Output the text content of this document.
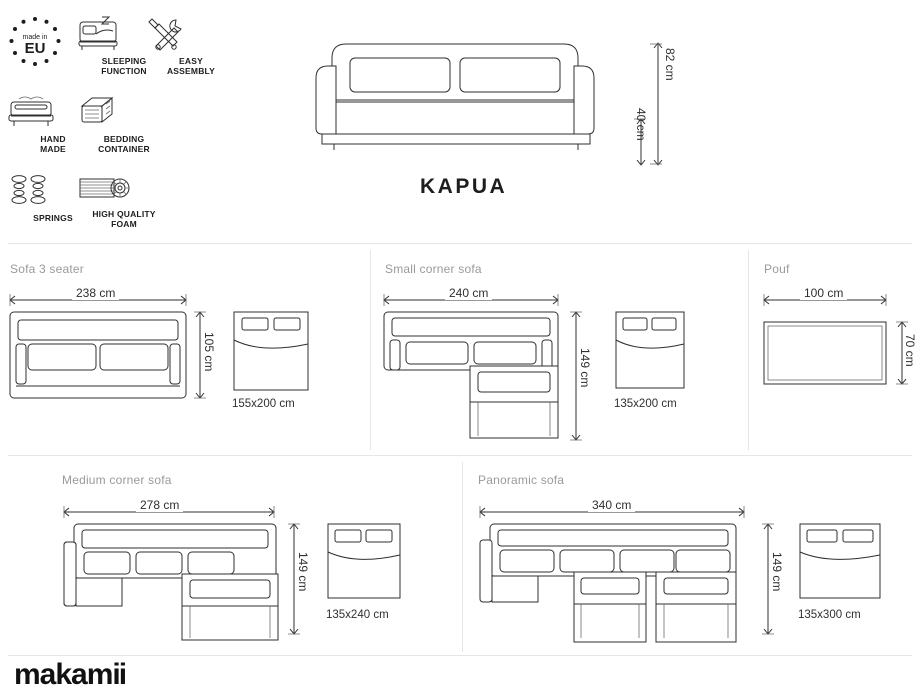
made in
EU
SLEEPING
FUNCTION
EASY
ASSEMBLY
HAND
MADE
BEDDING
CONTAINER
SPRINGS	HIGH QUALITY
FOAM
82 cm
40 cm
KAPUA
Sofa 3 seater
238 cm
105 cm
155x200 cm
Small corner sofa
240 cm
149 cm
135x200 cm
Pouf
100 cm
70 cm
Medium corner sofa
278 cm
149 cm
135x240 cm
Panoramic sofa
340 cm
149 cm
135x300 cm
makamii
